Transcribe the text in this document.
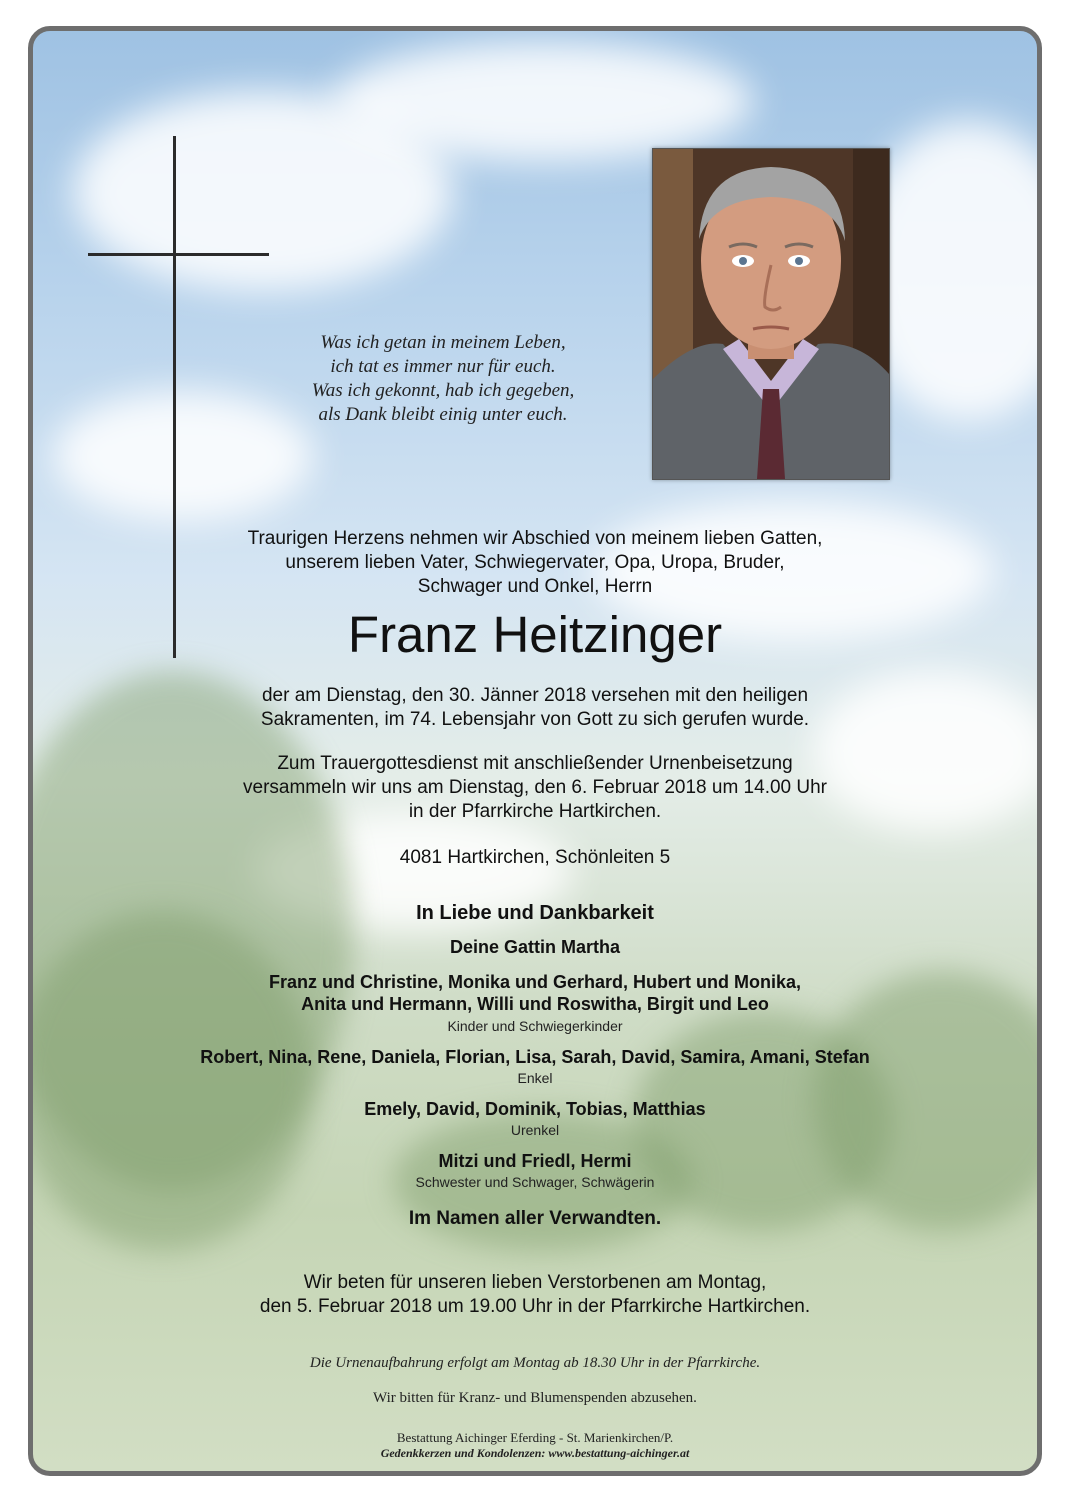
Was ich getan in meinem Leben,
ich tat es immer nur für euch.
Was ich gekonnt, hab ich gegeben,
als Dank bleibt einig unter euch.
Traurigen Herzens nehmen wir Abschied von meinem lieben Gatten,
unserem lieben Vater, Schwiegervater, Opa, Uropa, Bruder,
Schwager und Onkel, Herrn
Franz Heitzinger
der am Dienstag, den 30. Jänner 2018 versehen mit den heiligen
Sakramenten, im 74. Lebensjahr von Gott zu sich gerufen wurde.
Zum Trauergottesdienst mit anschließender Urnenbeisetzung
versammeln wir uns am Dienstag, den 6. Februar 2018 um 14.00 Uhr
in der Pfarrkirche Hartkirchen.
4081 Hartkirchen, Schönleiten 5
In Liebe und Dankbarkeit
Deine Gattin Martha
Franz und Christine, Monika und Gerhard, Hubert und Monika,
Anita und Hermann, Willi und Roswitha, Birgit und Leo
Kinder und Schwiegerkinder
Robert, Nina, Rene, Daniela, Florian, Lisa, Sarah, David, Samira, Amani, Stefan
Enkel
Emely, David, Dominik, Tobias, Matthias
Urenkel
Mitzi und Friedl, Hermi
Schwester und Schwager, Schwägerin
Im Namen aller Verwandten.
Wir beten für unseren lieben Verstorbenen am Montag,
den 5. Februar 2018 um 19.00 Uhr in der Pfarrkirche Hartkirchen.
Die Urnenaufbahrung erfolgt am Montag ab 18.30 Uhr in der Pfarrkirche.
Wir bitten für Kranz- und Blumenspenden abzusehen.
Bestattung Aichinger Eferding - St. Marienkirchen/P.
Gedenkkerzen und Kondolenzen: www.bestattung-aichinger.at
